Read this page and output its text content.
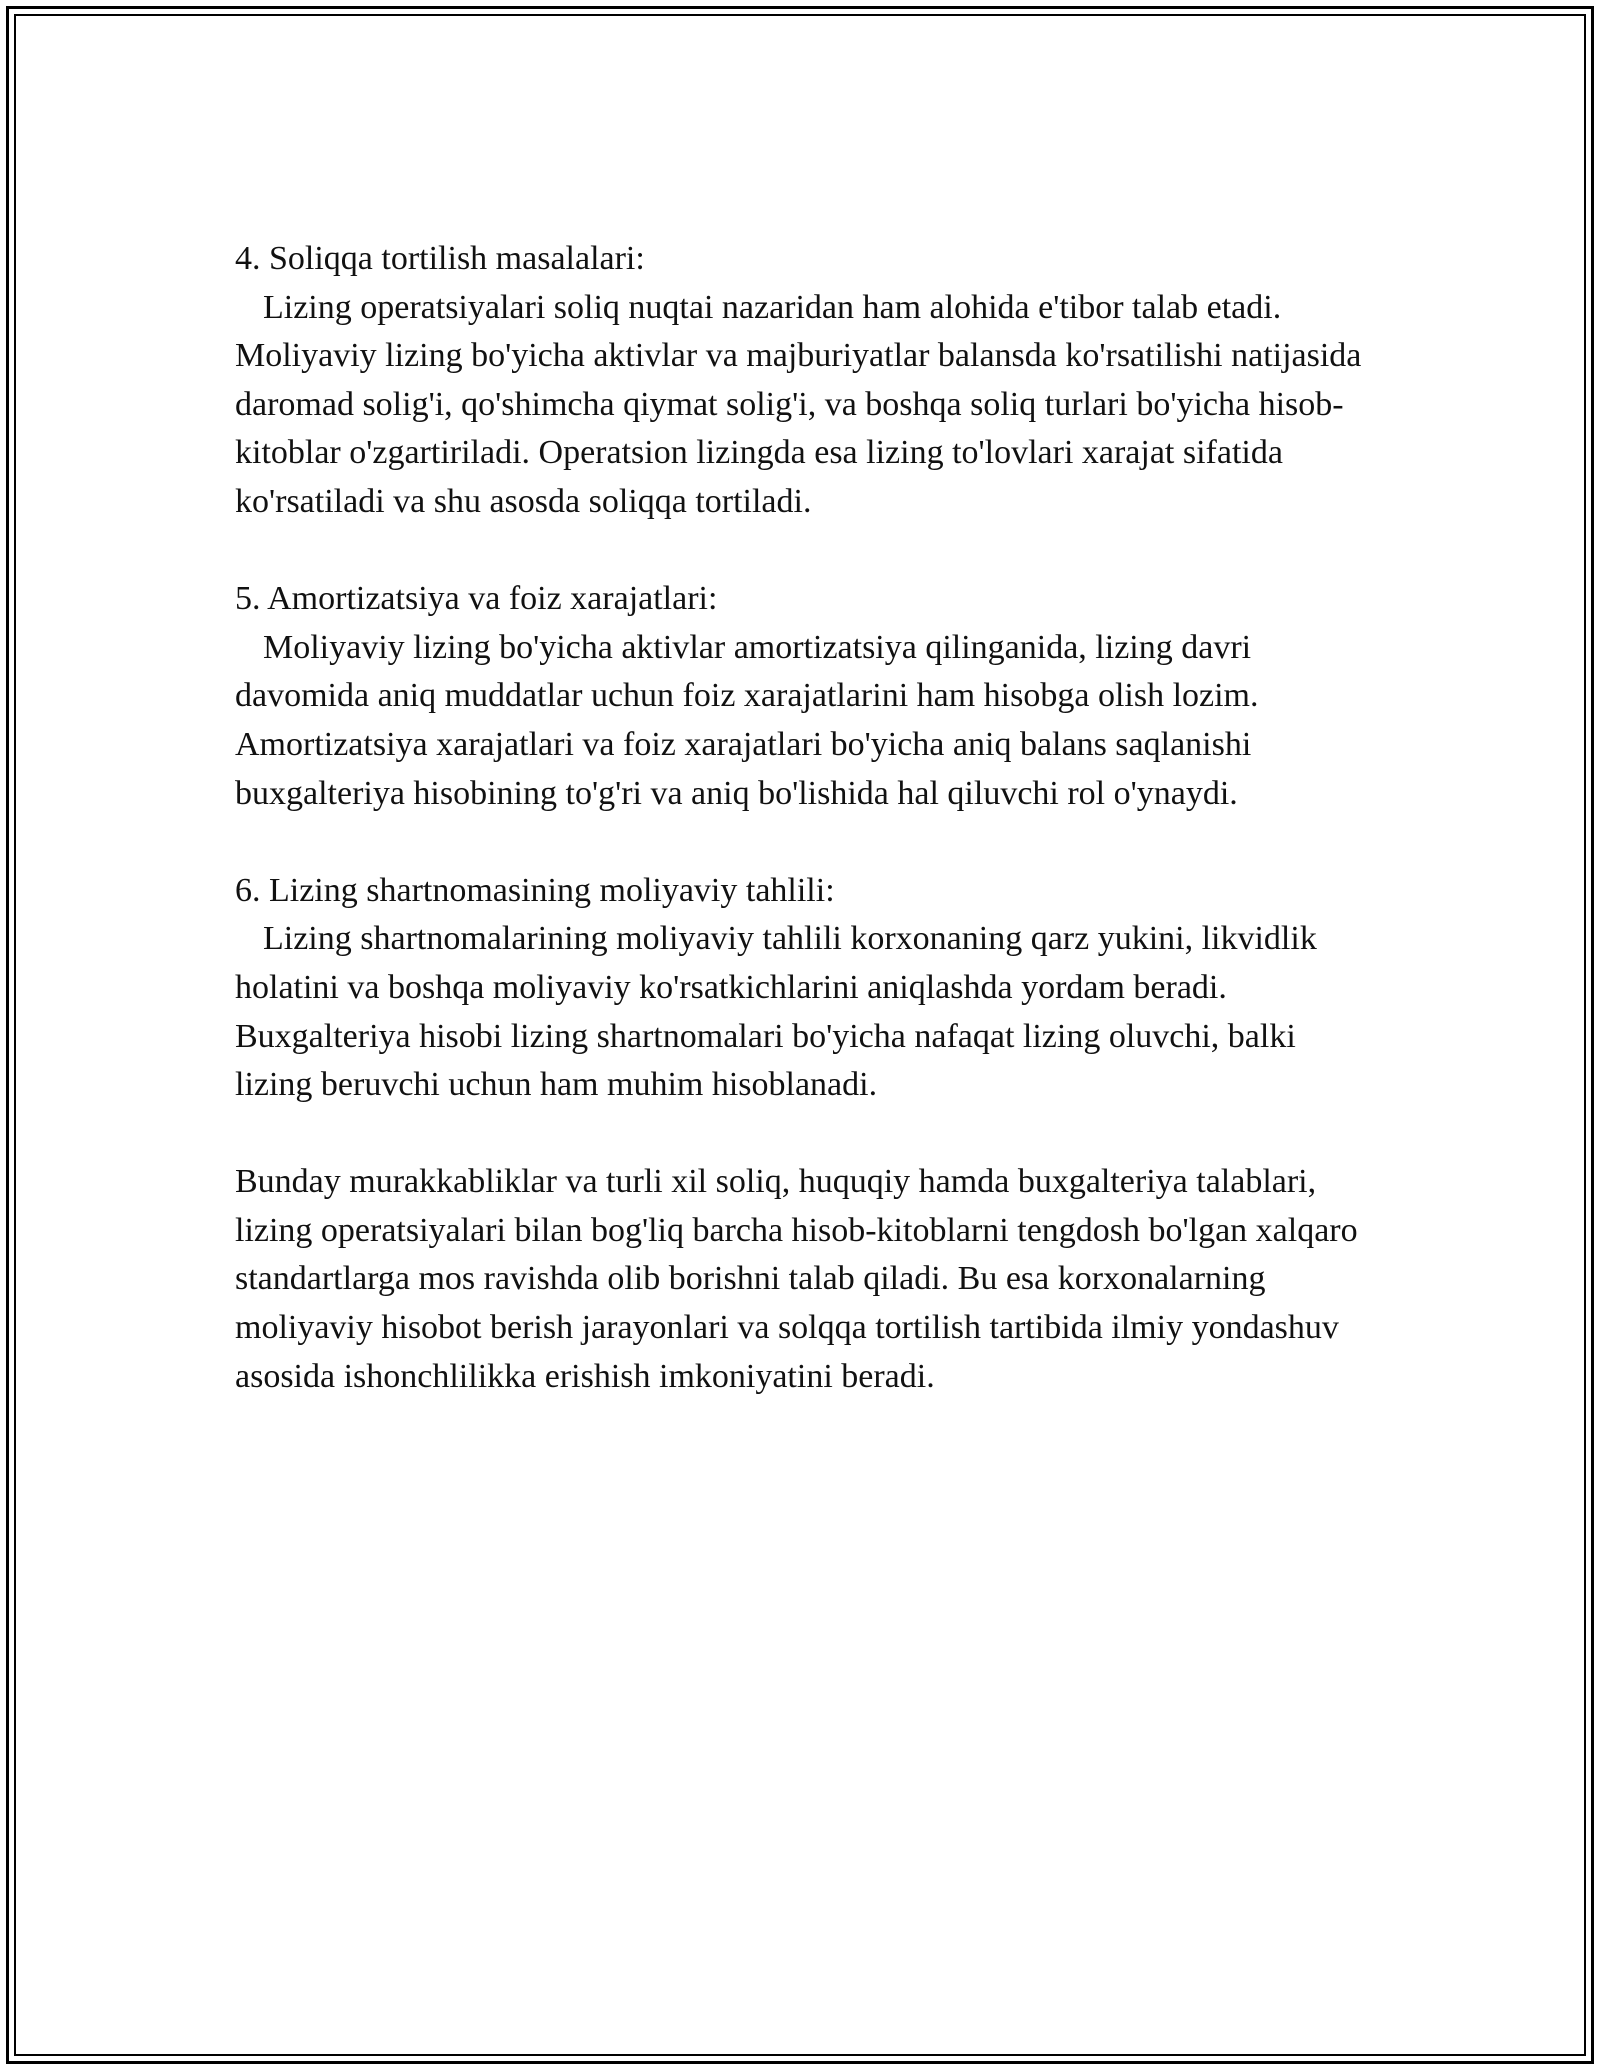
4. Soliqqa tortilish masalalari:
Lizing operatsiyalari soliq nuqtai nazaridan ham alohida e'tibor talab etadi. Moliyaviy lizing bo'yicha aktivlar va majburiyatlar balansda ko'rsatilishi natijasida daromad solig'i, qo'shimcha qiymat solig'i, va boshqa soliq turlari bo'yicha hisob-kitoblar o'zgartiriladi. Operatsion lizingda esa lizing to'lovlari xarajat sifatida ko'rsatiladi va shu asosda soliqqa tortiladi.
5. Amortizatsiya va foiz xarajatlari:
Moliyaviy lizing bo'yicha aktivlar amortizatsiya qilinganida, lizing davri davomida aniq muddatlar uchun foiz xarajatlarini ham hisobga olish lozim. Amortizatsiya xarajatlari va foiz xarajatlari bo'yicha aniq balans saqlanishi buxgalteriya hisobining to'g'ri va aniq bo'lishida hal qiluvchi rol o'ynaydi.
6. Lizing shartnomasining moliyaviy tahlili:
Lizing shartnomalarining moliyaviy tahlili korxonaning qarz yukini, likvidlik holatini va boshqa moliyaviy ko'rsatkichlarini aniqlashda yordam beradi. Buxgalteriya hisobi lizing shartnomalari bo'yicha nafaqat lizing oluvchi, balki lizing beruvchi uchun ham muhim hisoblanadi.

Bunday murakkabliklar va turli xil soliq, huquqiy hamda buxgalteriya talablari, lizing operatsiyalari bilan bog'liq barcha hisob-kitoblarni tengdosh bo'lgan xalqaro standartlarga mos ravishda olib borishni talab qiladi. Bu esa korxonalarning moliyaviy hisobot berish jarayonlari va solqqa tortilish tartibida ilmiy yondashuv asosida ishonchlilikka erishish imkoniyatini beradi.
